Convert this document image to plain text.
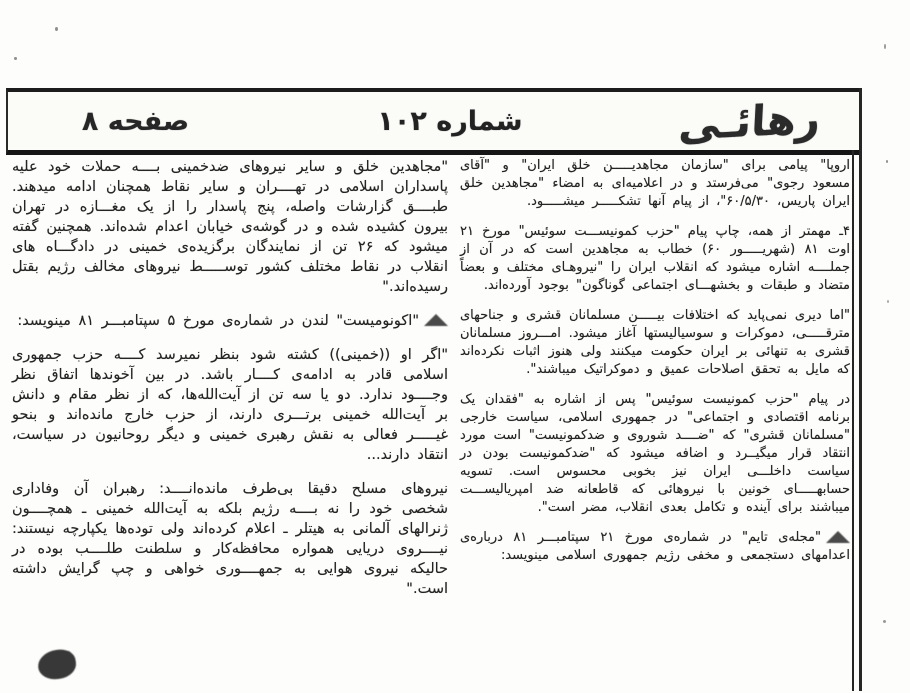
رهائـی
شماره ۱۰۲
صفحه ۸

اروپا" پیامی برای "سازمان مجاهدیـــــن خلق ایران" و "آقای مسعود رجوی" می‌فرستد و در اعلامیه‌ای به امضاء "مجاهدین خلق ایران پاریس، ۶۰/۵/۳۰"، از پیام آنها تشکـــــر میشـــــود.

۴ـ مهمتر از همه، چاپ پیام "حزب کمونیســـت سوئیس" مورخ ۲۱ اوت ۸۱ (شهریـــــور ۶۰) خطاب به مجاهدین است که در آن از جملــــه اشاره میشود که انقلاب ایران را "نیروهـای مختلف و بعضاً متضاد و طبقات و بخشهـــای اجتماعی گوناگون" بوجود آورده‌اند.

"اما دیری نمی‌پاید که اختلافات بیـــــن مسلمانان قشری و جناحهای مترقـــــی، دموکرات و سوسیالیستها آغاز میشود. امـــروز مسلمانان قشری به تنهائی بر ایران حکومت میکنند ولی هنوز اثبات نکرده‌اند که مایل به تحقق اصلاحات عمیق و دموکراتیک میباشند".

در پیام "حزب کمونیست سوئیس" پس از اشاره به "فقدان یک برنامه اقتصادی و اجتماعی" در جمهوری اسلامی، سیاست خارجی "مسلمانان قشری" که "ضــــد شوروی و ضدکمونیست" است مورد انتقاد قرار میگیــرد و اضافه میشود که "ضدکمونیست بودن در سیاست داخلـــی ایران نیز بخوبی محسوس است. تسویه حسابهـــــای خونین با نیروهائی که قاطعانه ضد امپریالیســـت میباشند برای آینده و تکامل بعدی انقلاب، مضر است".

"مجله‌ی تایم" در شماره‌ی مورخ ۲۱ سپتامبـــر ۸۱ درباره‌ی اعدامهای دستجمعی و مخفی رژیم جمهوری اسلامی مینویسد:

"مجاهدین خلق و سایر نیروهای ضدخمینی بــــه حملات خود علیه پاسداران اسلامی در تهــــران و سایر نقاط همچنان ادامه میدهند. طبــــق گزارشات واصله، پنج پاسدار را از یک مغـــازه در تهران بیرون کشیده شده و در گوشه‌ی خیابان اعدام شده‌اند. همچنین گفته میشود که ۲۶ تن از نمایندگان برگزیده‌ی خمینی در دادگـــاه های انقلاب در نقاط مختلف کشور توســـــط نیروهای مخالف رژیم بقتل رسیده‌اند."

"اکونومیست" لندن در شماره‌ی مورخ ۵ سپتامبـــر ۸۱ مینویسد:

"اگر او ((خمینی)) کشته شود بنظر نمیرسد کــــه حزب جمهوری اسلامی قادر به ادامه‌ی کــــار باشد. در بین آخوندها اتفاق نظر وجــــود ندارد. دو یا سه تن از آیت‌الله‌ها، که از نظر مقام و دانش بر آیت‌الله خمینی برتـــری دارند، از حزب خارج مانده‌اند و بنحو غیـــــر فعالی به نقش رهبری خمینی و دیگر روحانیون در سیاست، انتقاد دارند...

نیروهای مسلح دقیقا بی‌طرف مانده‌انــــد: رهبران آن وفاداری شخصی خود را نه بــــه رژیم بلکه به آیت‌الله خمینی ـ همچــــون ژنرالهای آلمانی به هیتلر ـ اعلام کرده‌اند ولی توده‌ها یکپارچه نیستند: نیــــروی دریایی همواره محافظه‌کار و سلطنت طلــــب بوده در حالیکه نیروی هوایی به جمهــــوری خواهی و چپ گرایش داشته است."
